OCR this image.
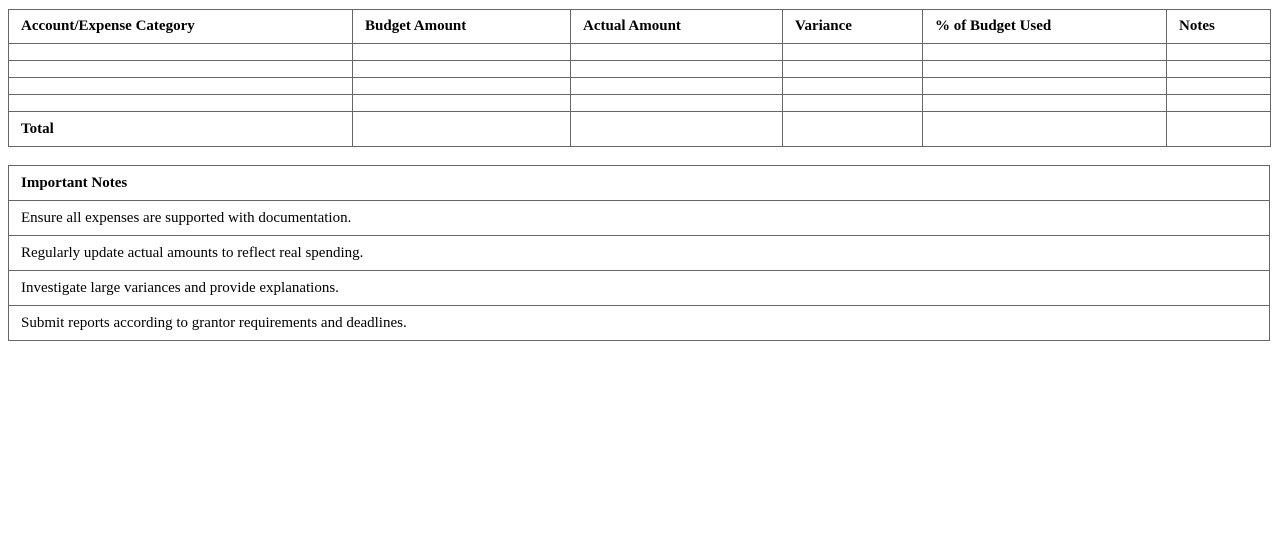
Account/Expense Category	Budget Amount	Actual Amount	Variance	% of Budget Used	Notes

Total					
Important Notes
Ensure all expenses are supported with documentation.
Regularly update actual amounts to reflect real spending.
Investigate large variances and provide explanations.
Submit reports according to grantor requirements and deadlines.
